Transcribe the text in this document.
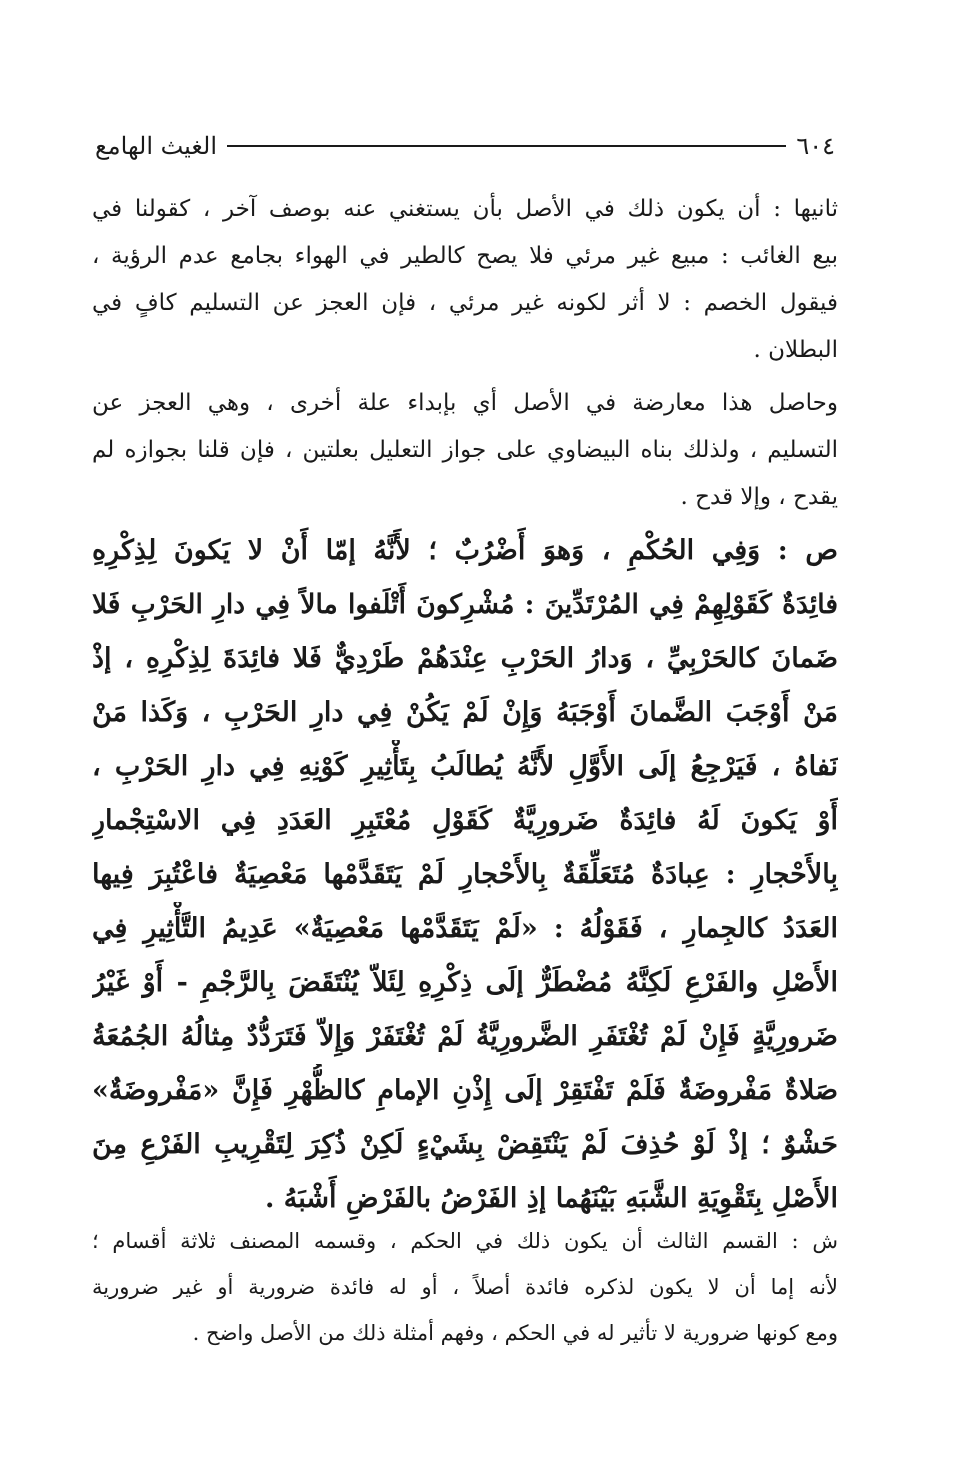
٦٠٤
الغيث الهامع
ثانيها : أن يكون ذلك في الأصل بأن يستغني عنه بوصف آخر ، كقولنا في
بيع الغائب : مبيع غير مرئي فلا يصح كالطير في الهواء بجامع عدم الرؤية ،
فيقول الخصم : لا أثر لكونه غير مرئي ، فإن العجز عن التسليم كافٍ في
البطلان .
وحاصل هذا معارضة في الأصل أي بإبداء علة أخرى ، وهي العجز عن
التسليم ، ولذلك بناه البيضاوي على جواز التعليل بعلتين ، فإن قلنا بجوازه لم
يقدح ، وإلا قدح .
ص : وَفِي الحُكْمِ ، وَهوَ أَضْرُبٌ ؛ لأَنَّهُ إمّا أَنْ لا يَكونَ لِذِكْرِهِ
فائِدَةٌ كَقَوْلِهِمْ فِي المُرْتَدِّينَ : مُشْرِكونَ أَتْلَفوا مالاً فِي دارِ الحَرْبِ فَلا
ضَمانَ كالحَرْبِيِّ ، وَدارُ الحَرْبِ عِنْدَهُمْ طَرْدِيٌّ فَلا فائِدَةَ لِذِكْرِهِ ، إذْ
مَنْ أَوْجَبَ الضَّمانَ أَوْجَبَهُ وَإِنْ لَمْ يَكُنْ فِي دارِ الحَرْبِ ، وَكَذا مَنْ
نَفاهُ ، فَيَرْجِعُ إلَى الأَوَّلِ لأَنَّهُ يُطالَبُ بِتَأْثِيرِ كَوْنِهِ فِي دارِ الحَرْبِ ،
أَوْ يَكونَ لَهُ فائِدَةٌ ضَرورِيَّةٌ كَقَوْلِ مُعْتَبِرِ العَدَدِ فِي الاسْتِجْمارِ
بِالأَحْجارِ : عِبادَةٌ مُتَعَلِّقَةٌ بِالأَحْجارِ لَمْ يَتَقَدَّمْها مَعْصِيَةٌ فاعْتُبِرَ فِيها
العَدَدُ كالجِمارِ ، فَقَوْلُهُ : «لَمْ يَتَقَدَّمْها مَعْصِيَةٌ» عَدِيمُ التَّأْثِيرِ فِي
الأَصْلِ والفَرْعِ لَكِنَّهُ مُضْطَرٌّ إلَى ذِكْرِهِ لِئَلاّ يُنْتَقَضَ بِالرَّجْمِ - أَوْ غَيْرُ
ضَرورِيَّةٍ فَإِنْ لَمْ تُغْتَفَرِ الضَّرورِيَّةُ لَمْ تُغْتَفَرْ وَإِلاّ فَتَرَدُّدٌ مِثالُهُ الجُمُعَةُ
صَلاةٌ مَفْروضَةٌ فَلَمْ تَفْتَقِرْ إلَى إِذْنِ الإمامِ كالظُّهْرِ فَإِنَّ «مَفْروضَةٌ»
حَشْوٌ ؛ إذْ لَوْ حُذِفَ لَمْ يَنْتَقِضْ بِشَيْءٍ لَكِنْ ذُكِرَ لِتَقْرِيبِ الفَرْعِ مِنَ
الأَصْلِ بِتَقْوِيَةِ الشَّبَهِ بَيْنَهُما إذِ الفَرْضُ بالفَرْضِ أَشْبَهُ .
ش : القسم الثالث أن يكون ذلك في الحكم ، وقسمه المصنف ثلاثة أقسام ؛
لأنه إما أن لا يكون لذكره فائدة أصلاً ، أو له فائدة ضرورية أو غير ضرورية
ومع كونها ضرورية لا تأثير له في الحكم ، وفهم أمثلة ذلك من الأصل واضح .
